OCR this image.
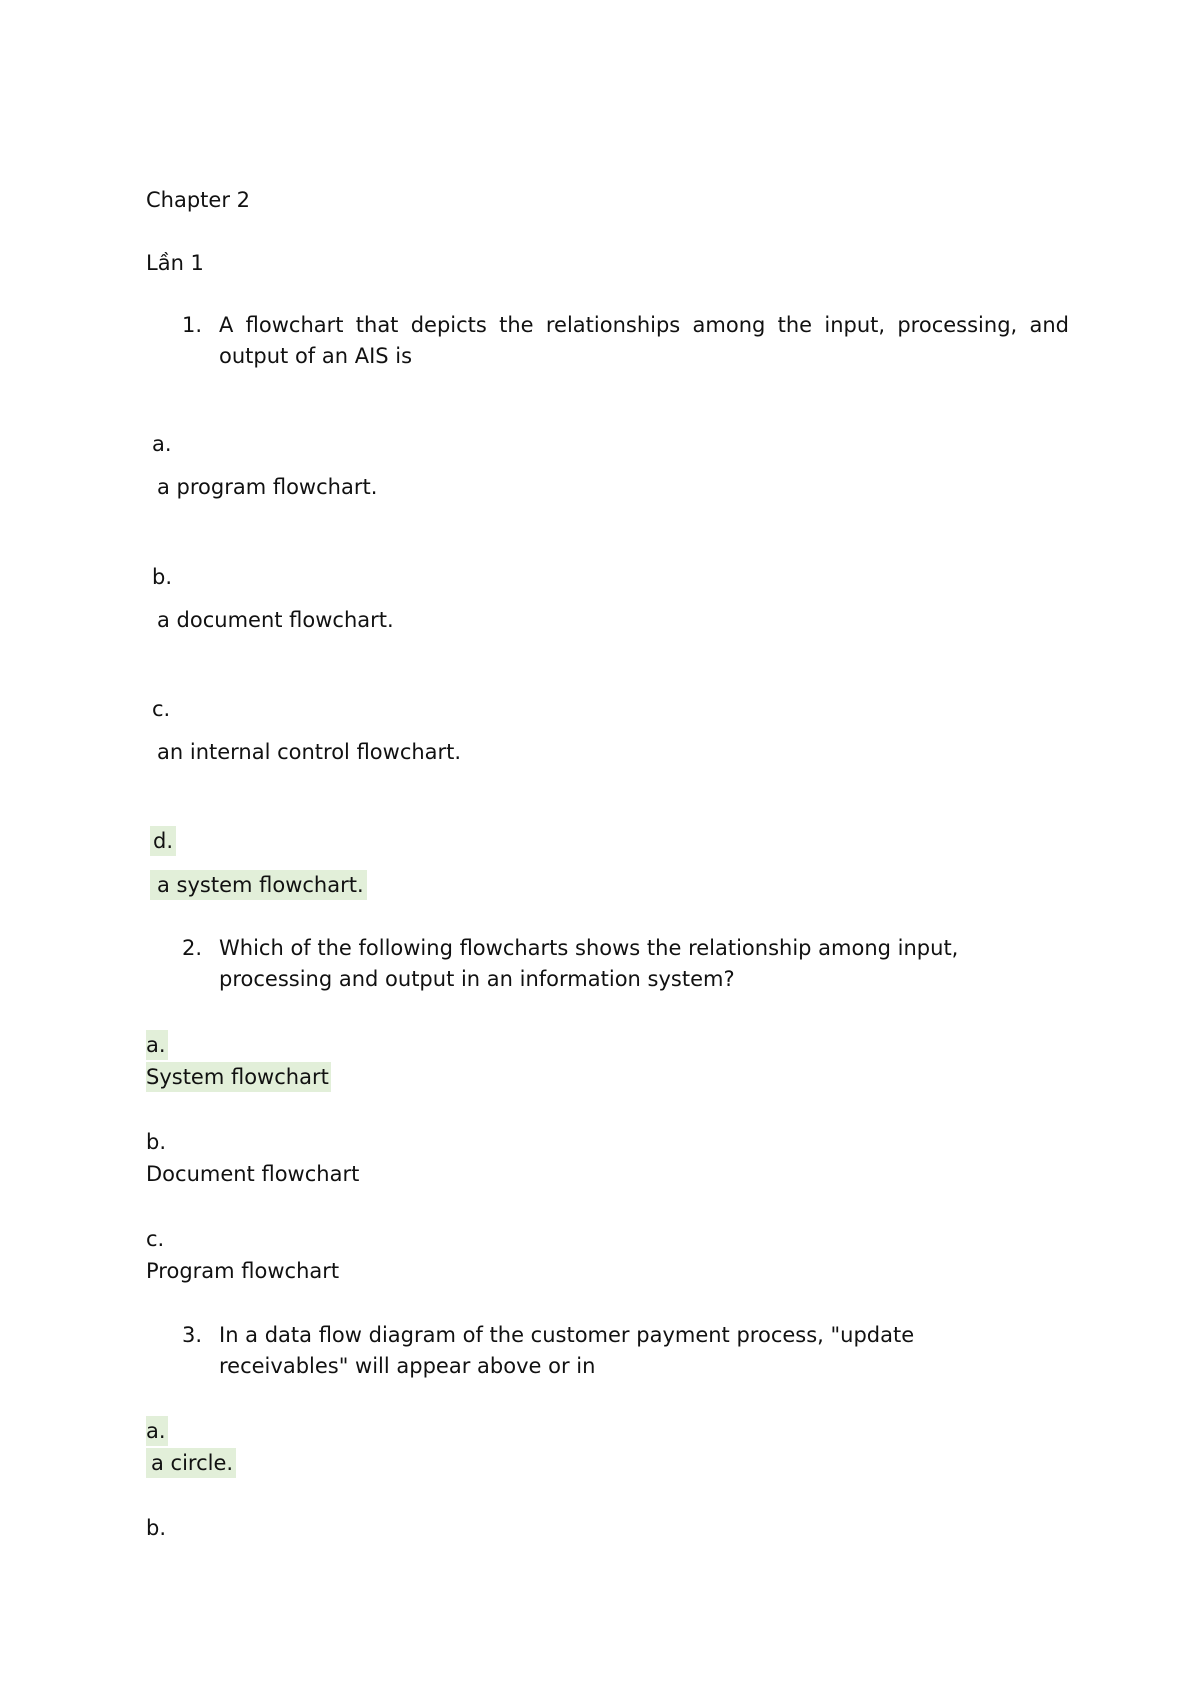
Chapter 2
Lần 1
1. A flowchart that depicts the relationships among the input, processing, and output of an AIS is
a.
a program flowchart.
b.
a document flowchart.
c.
an internal control flowchart.
d.
a system flowchart.
2. Which of the following flowcharts shows the relationship among input, processing and output in an information system?
a.
System flowchart
b.
Document flowchart
c.
Program flowchart
3. In a data flow diagram of the customer payment process, "update receivables" will appear above or in
a.
a circle.
b.
